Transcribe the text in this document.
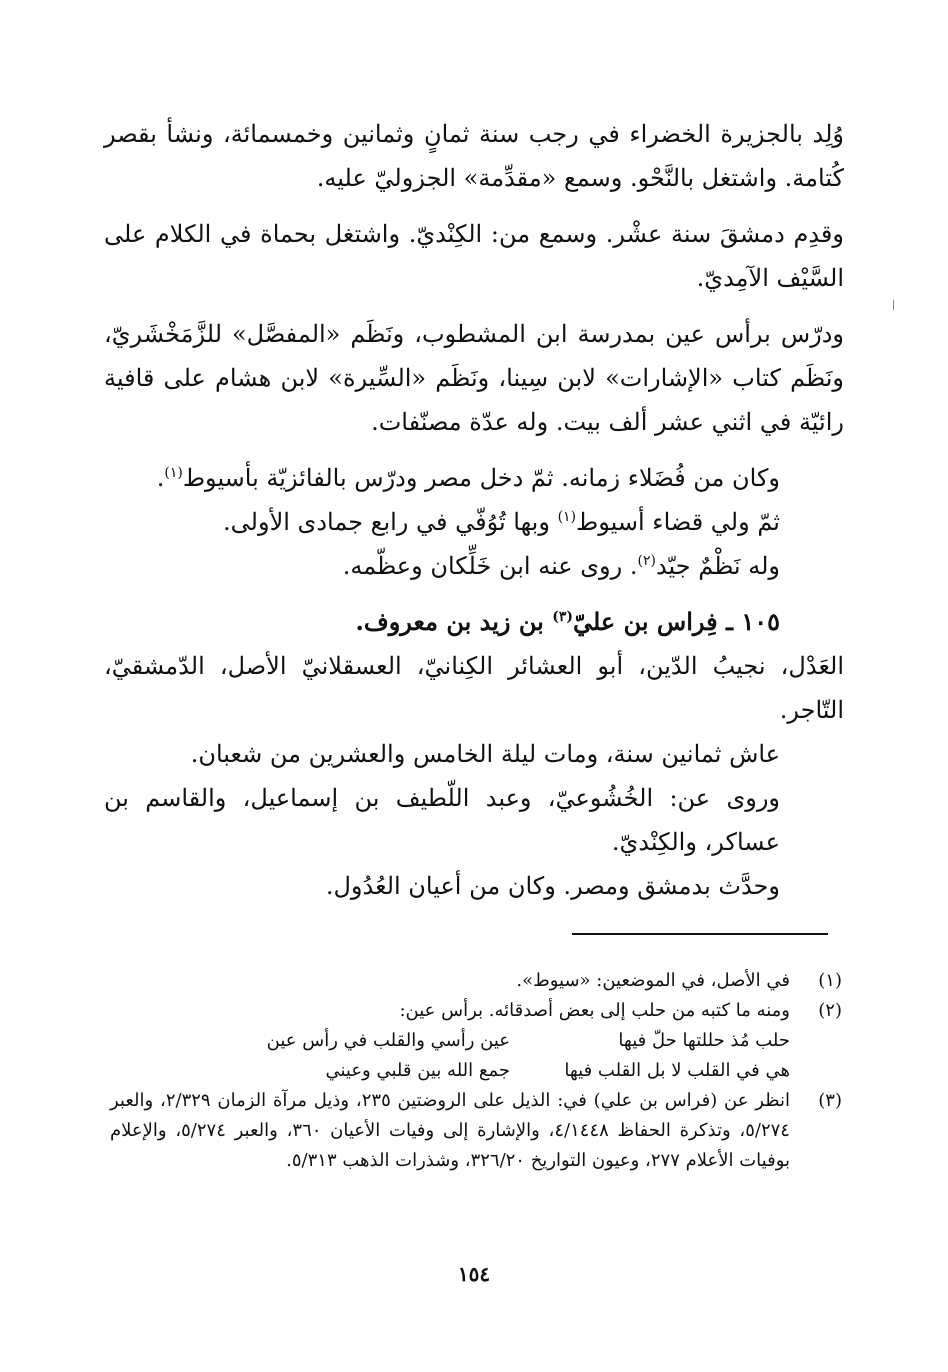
وُلِد بالجزيرة الخضراء في رجب سنة ثمانٍ وثمانين وخمسمائة، ونشأ بقصر كُتامة. واشتغل بالنَّحْو. وسمع «مقدِّمة» الجزوليّ عليه.

وقدِم دمشقَ سنة عشْر. وسمع من: الكِنْديّ. واشتغل بحماة في الكلام على السَّيْف الآمِديّ.

ودرّس برأس عين بمدرسة ابن المشطوب، ونَظَم «المفصَّل» للزَّمَخْشَريّ، ونَظَم كتاب «الإشارات» لابن سِينا، ونَظَم «السِّيرة» لابن هشام على قافية رائيّة في اثني عشر ألف بيت. وله عدّة مصنّفات.

وكان من فُضَلاء زمانه. ثمّ دخل مصر ودرّس بالفائزيّة بأسيوط$^{(١)}$.

ثمّ ولي قضاء أسيوط$^{(١)}$ وبها تُوُفّي في رابع جمادى الأولى.

وله نَظْمٌ جيّد$^{(٢)}$. روى عنه ابن خَلِّكان وعظّمه.

١٠٥ ـ فِراس بن عليّ$^{(٣)}$ بن زيد بن معروف.

العَدْل، نجيبُ الدّين، أبو العشائر الكِنانيّ، العسقلانيّ الأصل، الدّمشقيّ، التّاجر.

عاش ثمانين سنة، ومات ليلة الخامس والعشرين من شعبان.

وروى عن: الخُشُوعيّ، وعبد اللّطيف بن إسماعيل، والقاسم بن عساكر، والكِنْديّ.

وحدَّث بدمشق ومصر. وكان من أعيان العُدُول.

(١)
في الأصل، في الموضعين: «سيوط».
(٢)
ومنه ما كتبه من حلب إلى بعض أصدقائه. برأس عين:
حلب مُذ حللتها حلّ فيها
عين رأسي والقلب في رأس عين
هي في القلب لا بل القلب فيها
جمع الله بين قلبي وعيني
(٣)
انظر عن (فراس بن علي) في: الذيل على الروضتين ٢٣٥، وذيل مرآة الزمان ٢/٣٢٩، والعبر ٥/٢٧٤، وتذكرة الحفاظ ٤/١٤٤٨، والإشارة إلى وفيات الأعيان ٣٦٠، والعبر ٥/٢٧٤، والإعلام بوفيات الأعلام ٢٧٧، وعيون التواريخ ٣٢٦/٢٠، وشذرات الذهب ٥/٣١٣.
١٥٤
